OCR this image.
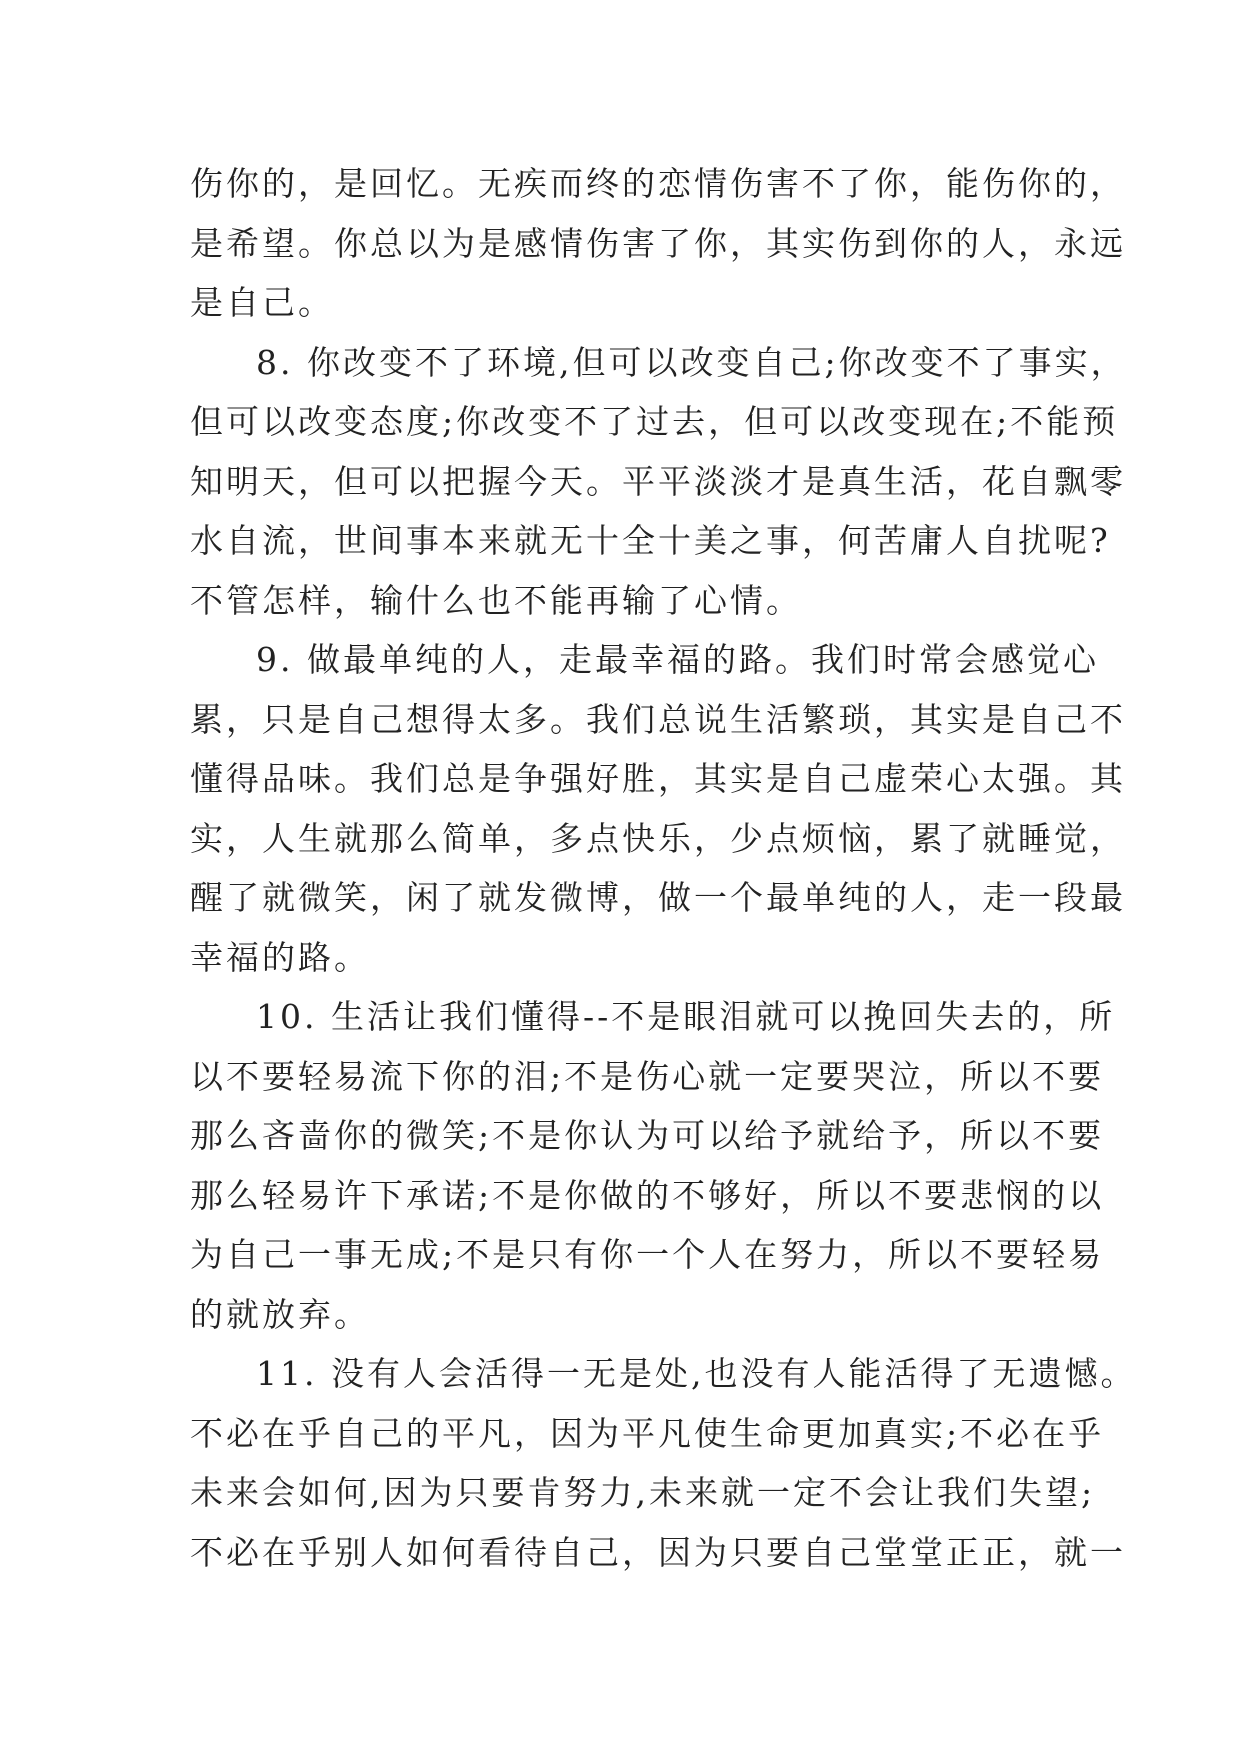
伤你的，是回忆。无疾而终的恋情伤害不了你，能伤你的，
是希望。你总以为是感情伤害了你，其实伤到你的人，永远
是自己。

8. 你改变不了环境,但可以改变自己;你改变不了事实，
但可以改变态度;你改变不了过去，但可以改变现在;不能预
知明天，但可以把握今天。平平淡淡才是真生活，花自飘零
水自流，世间事本来就无十全十美之事，何苦庸人自扰呢?
不管怎样，输什么也不能再输了心情。

9. 做最单纯的人，走最幸福的路。我们时常会感觉心
累，只是自己想得太多。我们总说生活繁琐，其实是自己不
懂得品味。我们总是争强好胜，其实是自己虚荣心太强。其
实，人生就那么简单，多点快乐，少点烦恼，累了就睡觉，
醒了就微笑，闲了就发微博，做一个最单纯的人，走一段最
幸福的路。

10. 生活让我们懂得--不是眼泪就可以挽回失去的，所
以不要轻易流下你的泪;不是伤心就一定要哭泣，所以不要
那么吝啬你的微笑;不是你认为可以给予就给予，所以不要
那么轻易许下承诺;不是你做的不够好，所以不要悲悯的以
为自己一事无成;不是只有你一个人在努力，所以不要轻易
的就放弃。

11. 没有人会活得一无是处,也没有人能活得了无遗憾。
不必在乎自己的平凡，因为平凡使生命更加真实;不必在乎
未来会如何,因为只要肯努力,未来就一定不会让我们失望;
不必在乎别人如何看待自己，因为只要自己堂堂正正，就一
